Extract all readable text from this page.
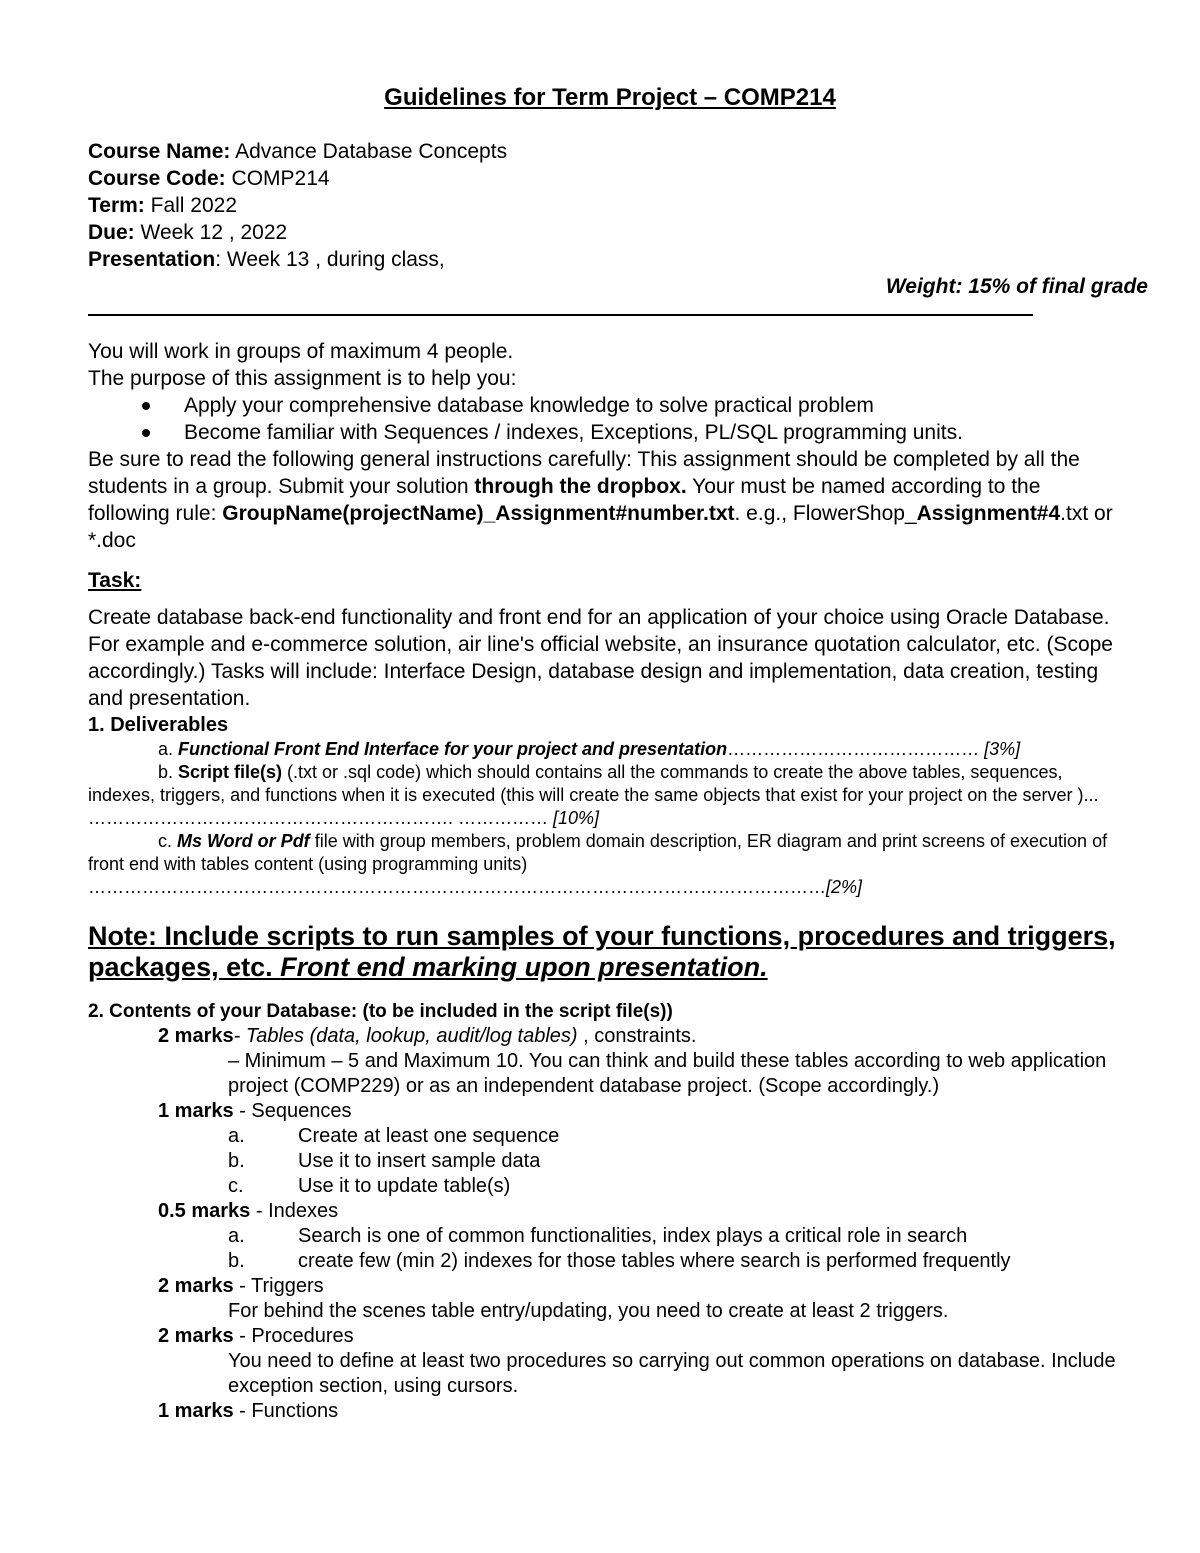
Guidelines for Term Project – COMP214
Course Name: Advance Database Concepts
Course Code: COMP214
Term: Fall 2022
Due: Week 12 , 2022
Presentation: Week 13 , during class,
Weight: 15% of final grade

You will work in groups of maximum 4 people.

The purpose of this assignment is to help you:

Apply your comprehensive database knowledge to solve practical problem
Become familiar with Sequences / indexes, Exceptions, PL/SQL programming units.

Be sure to read the following general instructions carefully: This assignment should be completed by all the students in a group. Submit your solution through the dropbox. Your must be named according to the following rule: GroupName(projectName)_Assignment#number.txt. e.g., FlowerShop_Assignment#4.txt or *.doc

Task:

Create database back-end functionality and front end for an application of your choice using Oracle Database. For example and e-commerce solution, air line's official website, an insurance quotation calculator, etc. (Scope accordingly.) Tasks will include: Interface Design, database design and implementation, data creation, testing and presentation.

1. Deliverables
a. Functional Front End Interface for your project and presentation…………………………………… [3%]
b. Script file(s) (.txt or .sql code) which should contains all the commands to create the above tables, sequences, indexes, triggers, and functions when it is executed (this will create the same objects that exist for your project on the server )... ……………………………………………………. …………… [10%]
c. Ms Word or Pdf file with group members, problem domain description, ER diagram and print screens of execution of front end with tables content (using programming units)
……………………………………………………………………………………………………………[2%]
Note: Include scripts to run samples of your functions, procedures and triggers, packages, etc. Front end marking upon presentation.
2. Contents of your Database: (to be included in the script file(s))
2 marks- Tables (data, lookup, audit/log tables) , constraints.
– Minimum – 5 and Maximum 10. You can think and build these tables according to web application project (COMP229) or as an independent database project. (Scope accordingly.)
1 marks - Sequences
a.	Create at least one sequence
b.	Use it to insert sample data
c.	Use it to update table(s)
0.5 marks - Indexes
a.	Search is one of common functionalities, index plays a critical role in search
b.	create few (min 2) indexes for those tables where search is performed frequently
2 marks - Triggers
For behind the scenes table entry/updating, you need to create at least 2 triggers.
2 marks - Procedures
You need to define at least two procedures so carrying out common operations on database. Include exception section, using cursors.
1 marks - Functions
